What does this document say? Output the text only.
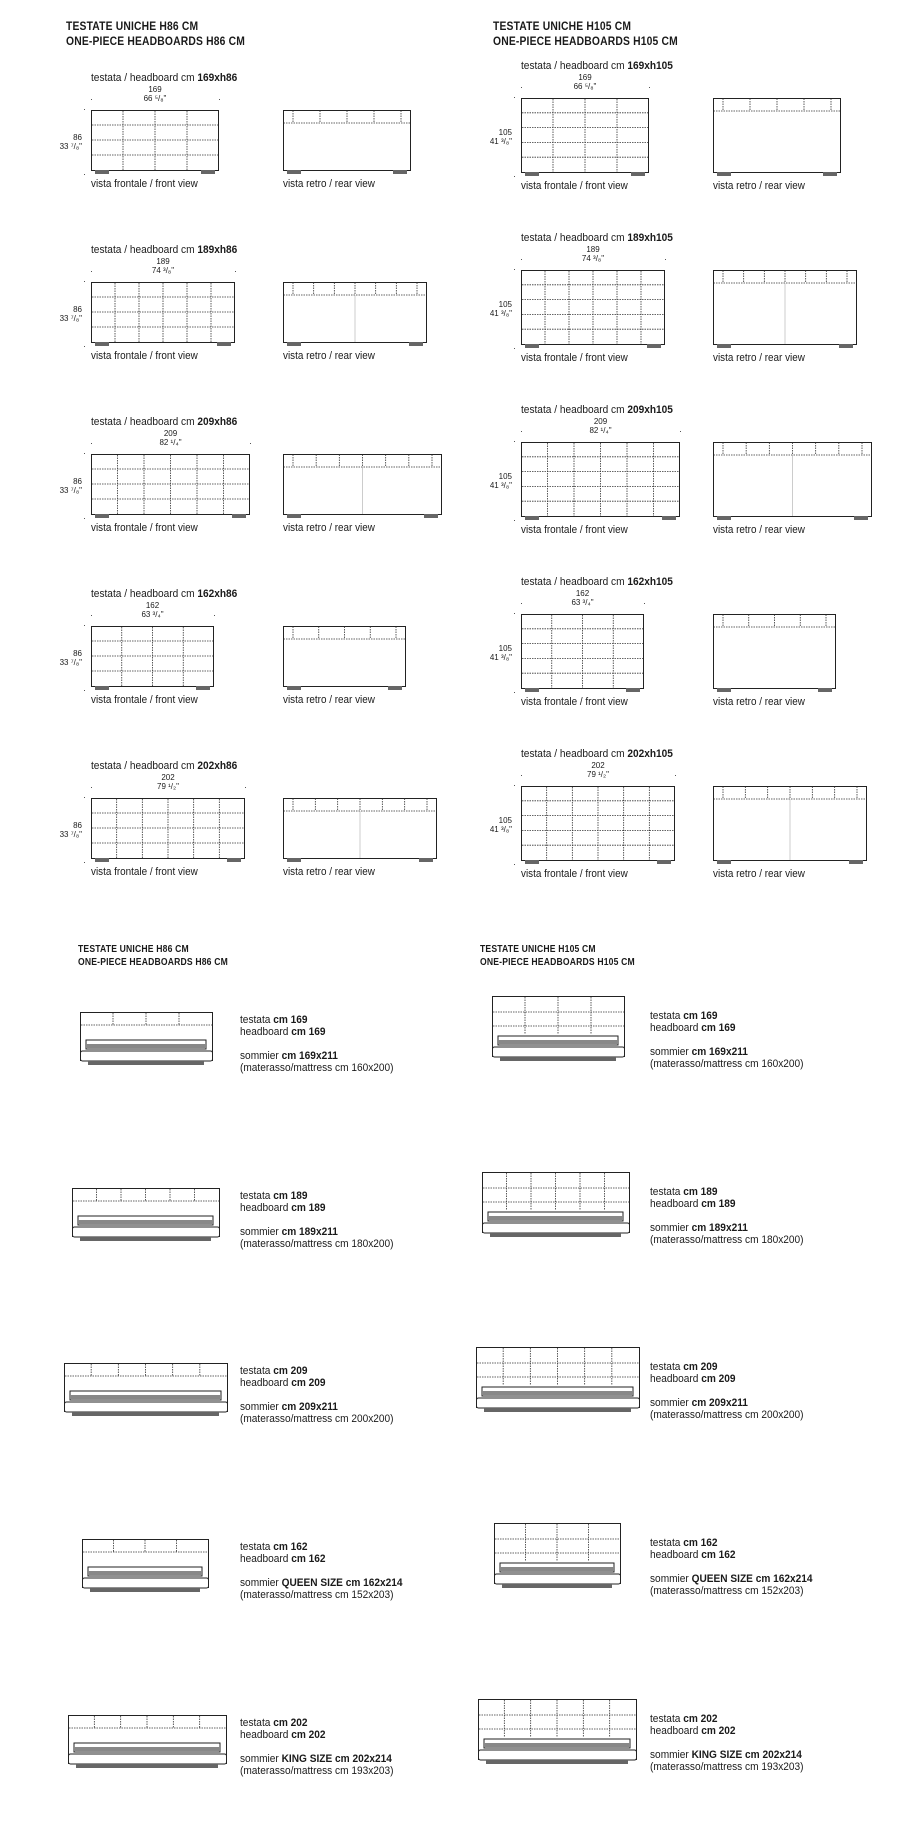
TESTATE UNICHE H86 CM
ONE-PIECE HEADBOARDS H86 CM
TESTATE UNICHE H105 CM
ONE-PIECE HEADBOARDS H105 CM
TESTATE UNICHE H86 CM
ONE-PIECE HEADBOARDS H86 CM
TESTATE UNICHE H105 CM
ONE-PIECE HEADBOARDS H105 CM
testata / headboard cm 169xh86
169
66 ⁵/₈"
86
33 ⁷/₈"
vista frontale / front view	vista retro / rear view
testata / headboard cm 169xh105
169
66 ⁵/₈"
105
41 ³/₈"
vista frontale / front view	vista retro / rear view
testata / headboard cm 189xh86
189
74 ³/₈"
86
33 ⁷/₈"
vista frontale / front view	vista retro / rear view
testata / headboard cm 189xh105
189
74 ³/₈"
105
41 ³/₈"
vista frontale / front view	vista retro / rear view
testata / headboard cm 209xh86
209
82 ¹/₄"
86
33 ⁷/₈"
vista frontale / front view	vista retro / rear view
testata / headboard cm 209xh105
209
82 ¹/₄"
105
41 ³/₈"
vista frontale / front view	vista retro / rear view
testata / headboard cm 162xh86
162
63 ³/₄"
86
33 ⁷/₈"
vista frontale / front view	vista retro / rear view
testata / headboard cm 162xh105
162
63 ³/₄"
105
41 ³/₈"
vista frontale / front view	vista retro / rear view
testata / headboard cm 202xh86
202
79 ¹/₂"
86
33 ⁷/₈"
vista frontale / front view	vista retro / rear view
testata / headboard cm 202xh105
202
79 ¹/₂"
105
41 ³/₈"
vista frontale / front view	vista retro / rear view
testata cm 169
headboard cm 169
sommier cm 169x211
(materasso/mattress cm 160x200)
testata cm 169
headboard cm 169
sommier cm 169x211
(materasso/mattress cm 160x200)
testata cm 189
headboard cm 189
sommier cm 189x211
(materasso/mattress cm 180x200)
testata cm 189
headboard cm 189
sommier cm 189x211
(materasso/mattress cm 180x200)
testata cm 209
headboard cm 209
sommier cm 209x211
(materasso/mattress cm 200x200)
testata cm 209
headboard cm 209
sommier cm 209x211
(materasso/mattress cm 200x200)
testata cm 162
headboard cm 162
sommier QUEEN SIZE cm 162x214
(materasso/mattress cm 152x203)
testata cm 162
headboard cm 162
sommier QUEEN SIZE cm 162x214
(materasso/mattress cm 152x203)
testata cm 202
headboard cm 202
sommier KING SIZE cm 202x214
(materasso/mattress cm 193x203)
testata cm 202
headboard cm 202
sommier KING SIZE cm 202x214
(materasso/mattress cm 193x203)
